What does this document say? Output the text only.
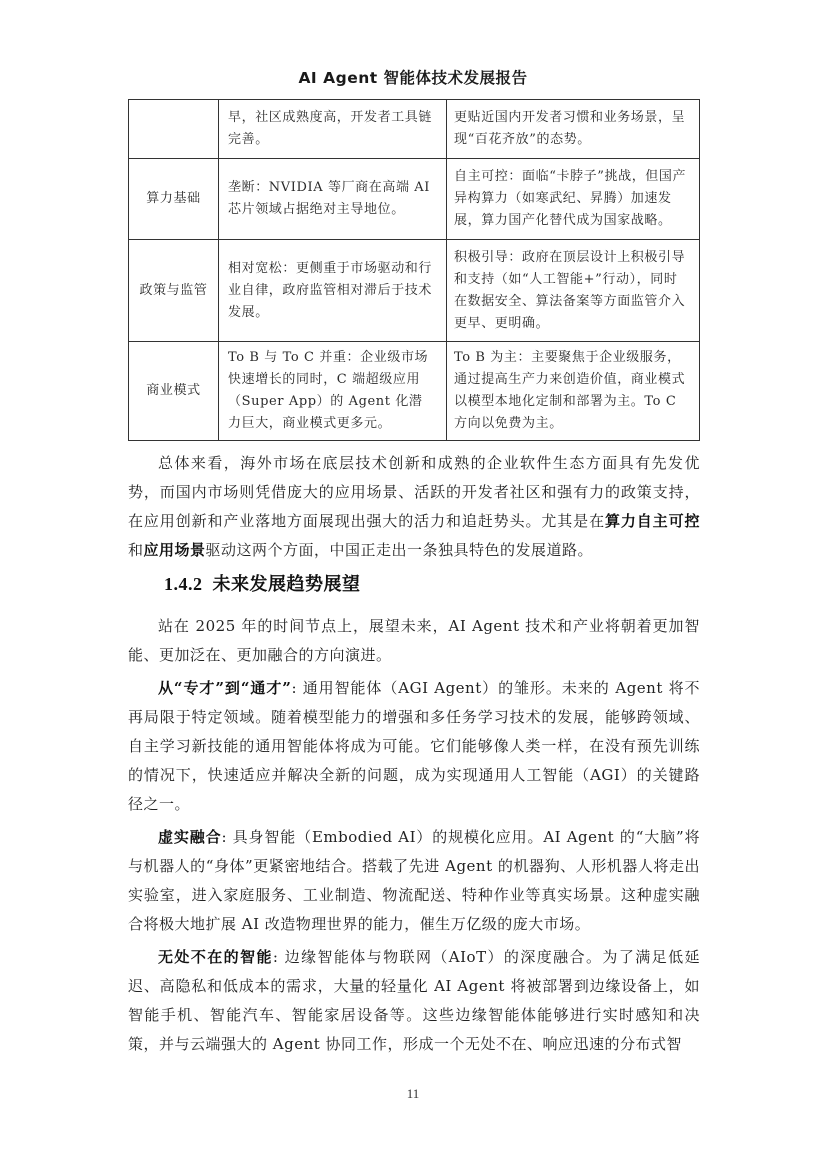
AI Agent 智能体技术发展报告
	早，社区成熟度高，开发者工具链完善。	更贴近国内开发者习惯和业务场景，呈现“百花齐放”的态势。
算力基础	垄断：NVIDIA 等厂商在高端 AI 芯片领域占据绝对主导地位。	自主可控：面临“卡脖子”挑战，但国产异构算力（如寒武纪、昇腾）加速发展，算力国产化替代成为国家战略。
政策与监管	相对宽松：更侧重于市场驱动和行业自律，政府监管相对滞后于技术发展。	积极引导：政府在顶层设计上积极引导和支持（如“人工智能+”行动），同时在数据安全、算法备案等方面监管介入更早、更明确。
商业模式	To B 与 To C 并重：企业级市场快速增长的同时，C 端超级应用（Super App）的 Agent 化潜力巨大，商业模式更多元。	To B 为主：主要聚焦于企业级服务，通过提高生产力来创造价值，商业模式以模型本地化定制和部署为主。To C 方向以免费为主。

总体来看，海外市场在底层技术创新和成熟的企业软件生态方面具有先发优势，而国内市场则凭借庞大的应用场景、活跃的开发者社区和强有力的政策支持，在应用创新和产业落地方面展现出强大的活力和追赶势头。尤其是在算力自主可控和应用场景驱动这两个方面，中国正走出一条独具特色的发展道路。

1.4.2 未来发展趋势展望

站在 2025 年的时间节点上，展望未来，AI Agent 技术和产业将朝着更加智能、更加泛在、更加融合的方向演进。

从“专才”到“通才”: 通用智能体（AGI Agent）的雏形。未来的 Agent 将不再局限于特定领域。随着模型能力的增强和多任务学习技术的发展，能够跨领域、自主学习新技能的通用智能体将成为可能。它们能够像人类一样，在没有预先训练的情况下，快速适应并解决全新的问题，成为实现通用人工智能（AGI）的关键路径之一。

虚实融合: 具身智能（Embodied AI）的规模化应用。AI Agent 的“大脑”将与机器人的“身体”更紧密地结合。搭载了先进 Agent 的机器狗、人形机器人将走出实验室，进入家庭服务、工业制造、物流配送、特种作业等真实场景。这种虚实融合将极大地扩展 AI 改造物理世界的能力，催生万亿级的庞大市场。

无处不在的智能: 边缘智能体与物联网（AIoT）的深度融合。为了满足低延迟、高隐私和低成本的需求，大量的轻量化 AI Agent 将被部署到边缘设备上，如智能手机、智能汽车、智能家居设备等。这些边缘智能体能够进行实时感知和决策，并与云端强大的 Agent 协同工作，形成一个无处不在、响应迅速的分布式智

11
